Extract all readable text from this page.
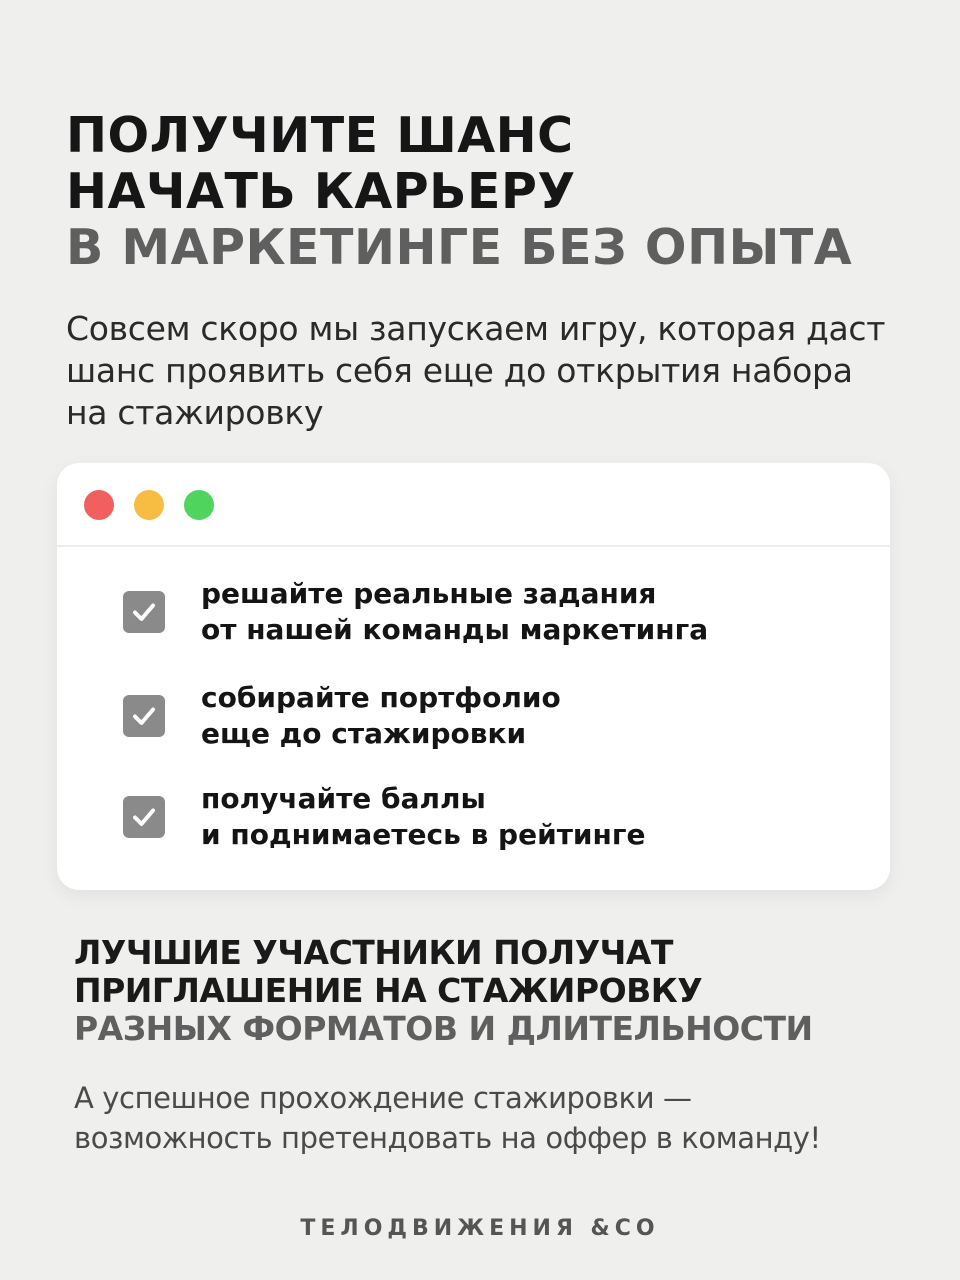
ПОЛУЧИТЕ ШАНС
НАЧАТЬ КАРЬЕРУ
В МАРКЕТИНГЕ БЕЗ ОПЫТА
Совсем скоро мы запускаем игру, которая даст
шанс проявить себя еще до открытия набора
на стажировку
решайте реальные задания
от нашей команды маркетинга
собирайте портфолио
еще до стажировки
получайте баллы
и поднимаетесь в рейтинге
ЛУЧШИЕ УЧАСТНИКИ ПОЛУЧАТ
ПРИГЛАШЕНИЕ НА СТАЖИРОВКУ
РАЗНЫХ ФОРМАТОВ И ДЛИТЕЛЬНОСТИ
А успешное прохождение стажировки —
возможность претендовать на оффер в команду!
ТЕЛОДВИЖЕНИЯ &CO
